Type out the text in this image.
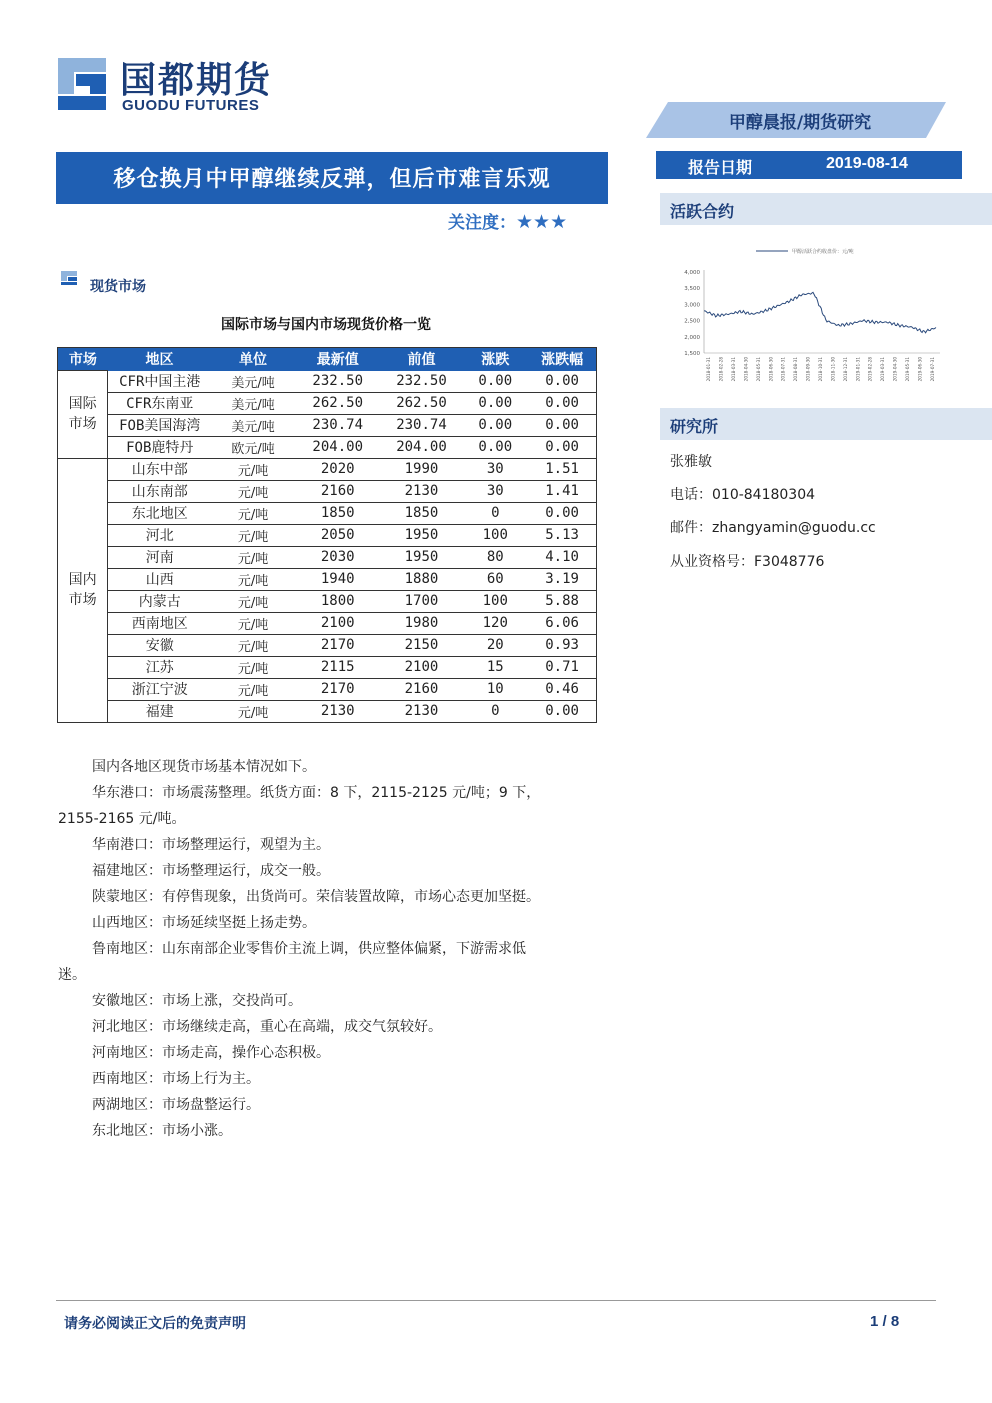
国都期货
GUODU FUTURES
甲醇晨报/期货研究
移仓换月中甲醇继续反弹，但后市难言乐观
关注度：★★★
报告日期	2019-08-14
活跃合约
甲醇活跃合约收盘价：元/吨
4,000
3,500
3,000
2,500
2,000
1,500
2018-01-31 2018-02-28 2018-03-31 2018-04-30 2018-05-31 2018-06-30 2018-07-31 2018-08-31 2018-09-30 2018-10-31 2018-11-30 2018-12-31 2019-01-31 2019-02-28 2019-03-31 2019-04-30 2019-05-31 2019-06-30 2019-07-31
研究所
张雅敏
电话：010-84180304
邮件：zhangyamin@guodu.cc
从业资格号：F3048776
现货市场
国际市场与国内市场现货价格一览
市场	地区	单位	最新值	前值	涨跌	涨跌幅
国际
市场	CFR中国主港	美元/吨	232.50	232.50	0.00	0.00
	CFR东南亚	美元/吨	262.50	262.50	0.00	0.00
	FOB美国海湾	美元/吨	230.74	230.74	0.00	0.00
	FOB鹿特丹	欧元/吨	204.00	204.00	0.00	0.00
国内
市场	山东中部	元/吨	2020	1990	30	1.51
	山东南部	元/吨	2160	2130	30	1.41
	东北地区	元/吨	1850	1850	0	0.00
	河北	元/吨	2050	1950	100	5.13
	河南	元/吨	2030	1950	80	4.10
	山西	元/吨	1940	1880	60	3.19
	内蒙古	元/吨	1800	1700	100	5.88
	西南地区	元/吨	2100	1980	120	6.06
	安徽	元/吨	2170	2150	20	0.93
	江苏	元/吨	2115	2100	15	0.71
	浙江宁波	元/吨	2170	2160	10	0.46
	福建	元/吨	2130	2130	0	0.00
国内各地区现货市场基本情况如下。
华东港口：市场震荡整理。纸货方面：8 下，2115-2125 元/吨；9 下，
2155-2165 元/吨。
华南港口：市场整理运行，观望为主。
福建地区：市场整理运行，成交一般。
陕蒙地区：有停售现象，出货尚可。荣信装置故障，市场心态更加坚挺。
山西地区：市场延续坚挺上扬走势。
鲁南地区：山东南部企业零售价主流上调，供应整体偏紧，下游需求低
迷。
安徽地区：市场上涨，交投尚可。
河北地区：市场继续走高，重心在高端，成交气氛较好。
河南地区：市场走高，操作心态积极。
西南地区：市场上行为主。
两湖地区：市场盘整运行。
东北地区：市场小涨。
请务必阅读正文后的免责声明	1 / 8
